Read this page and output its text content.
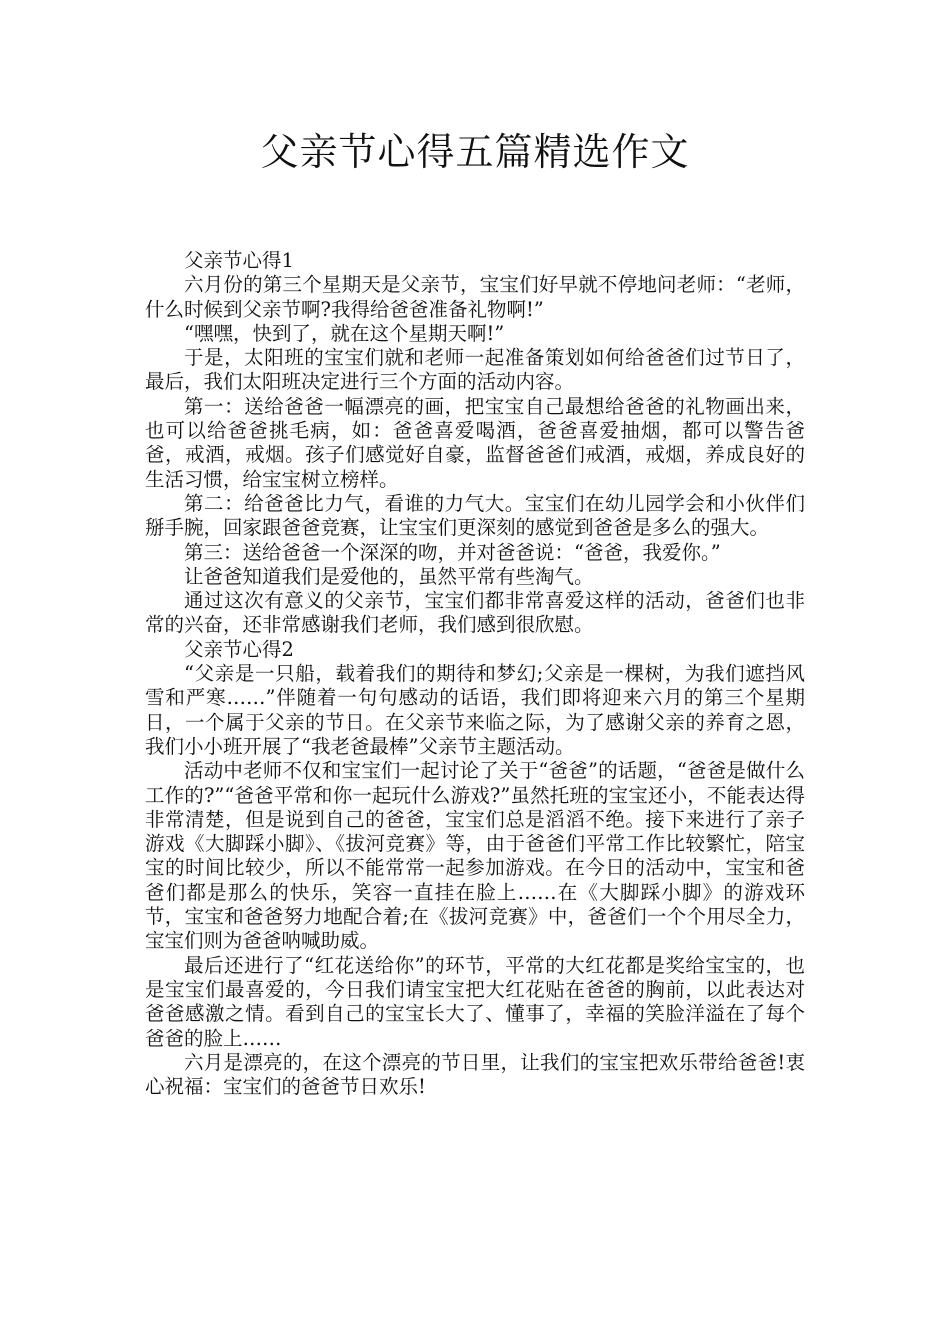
父亲节心得五篇精选作文

父亲节心得1

六月份的第三个星期天是父亲节，宝宝们好早就不停地问老师：“老师，什么时候到父亲节啊?我得给爸爸准备礼物啊!”

“嘿嘿，快到了，就在这个星期天啊!”

于是，太阳班的宝宝们就和老师一起准备策划如何给爸爸们过节日了，最后，我们太阳班决定进行三个方面的活动内容。

第一：送给爸爸一幅漂亮的画，把宝宝自己最想给爸爸的礼物画出来，也可以给爸爸挑毛病，如：爸爸喜爱喝酒，爸爸喜爱抽烟，都可以警告爸爸，戒酒，戒烟。孩子们感觉好自豪，监督爸爸们戒酒，戒烟，养成良好的生活习惯，给宝宝树立榜样。

第二：给爸爸比力气，看谁的力气大。宝宝们在幼儿园学会和小伙伴们掰手腕，回家跟爸爸竞赛，让宝宝们更深刻的感觉到爸爸是多么的强大。

第三：送给爸爸一个深深的吻，并对爸爸说：“爸爸，我爱你。”

让爸爸知道我们是爱他的，虽然平常有些淘气。

通过这次有意义的父亲节，宝宝们都非常喜爱这样的活动，爸爸们也非常的兴奋，还非常感谢我们老师，我们感到很欣慰。

父亲节心得2

“父亲是一只船，载着我们的期待和梦幻;父亲是一棵树，为我们遮挡风雪和严寒……”伴随着一句句感动的话语，我们即将迎来六月的第三个星期日，一个属于父亲的节日。在父亲节来临之际，为了感谢父亲的养育之恩，我们小小班开展了“我老爸最棒”父亲节主题活动。

活动中老师不仅和宝宝们一起讨论了关于“爸爸”的话题，“爸爸是做什么工作的?”“爸爸平常和你一起玩什么游戏?”虽然托班的宝宝还小，不能表达得非常清楚，但是说到自己的爸爸，宝宝们总是滔滔不绝。接下来进行了亲子游戏《大脚踩小脚》、《拔河竞赛》等，由于爸爸们平常工作比较繁忙，陪宝宝的时间比较少，所以不能常常一起参加游戏。在今日的活动中，宝宝和爸爸们都是那么的快乐，笑容一直挂在脸上……在《大脚踩小脚》的游戏环节，宝宝和爸爸努力地配合着;在《拔河竞赛》中，爸爸们一个个用尽全力，宝宝们则为爸爸呐喊助威。

最后还进行了“红花送给你”的环节，平常的大红花都是奖给宝宝的，也是宝宝们最喜爱的，今日我们请宝宝把大红花贴在爸爸的胸前，以此表达对爸爸感激之情。看到自己的宝宝长大了、懂事了，幸福的笑脸洋溢在了每个爸爸的脸上……

六月是漂亮的，在这个漂亮的节日里，让我们的宝宝把欢乐带给爸爸!衷心祝福：宝宝们的爸爸节日欢乐!
